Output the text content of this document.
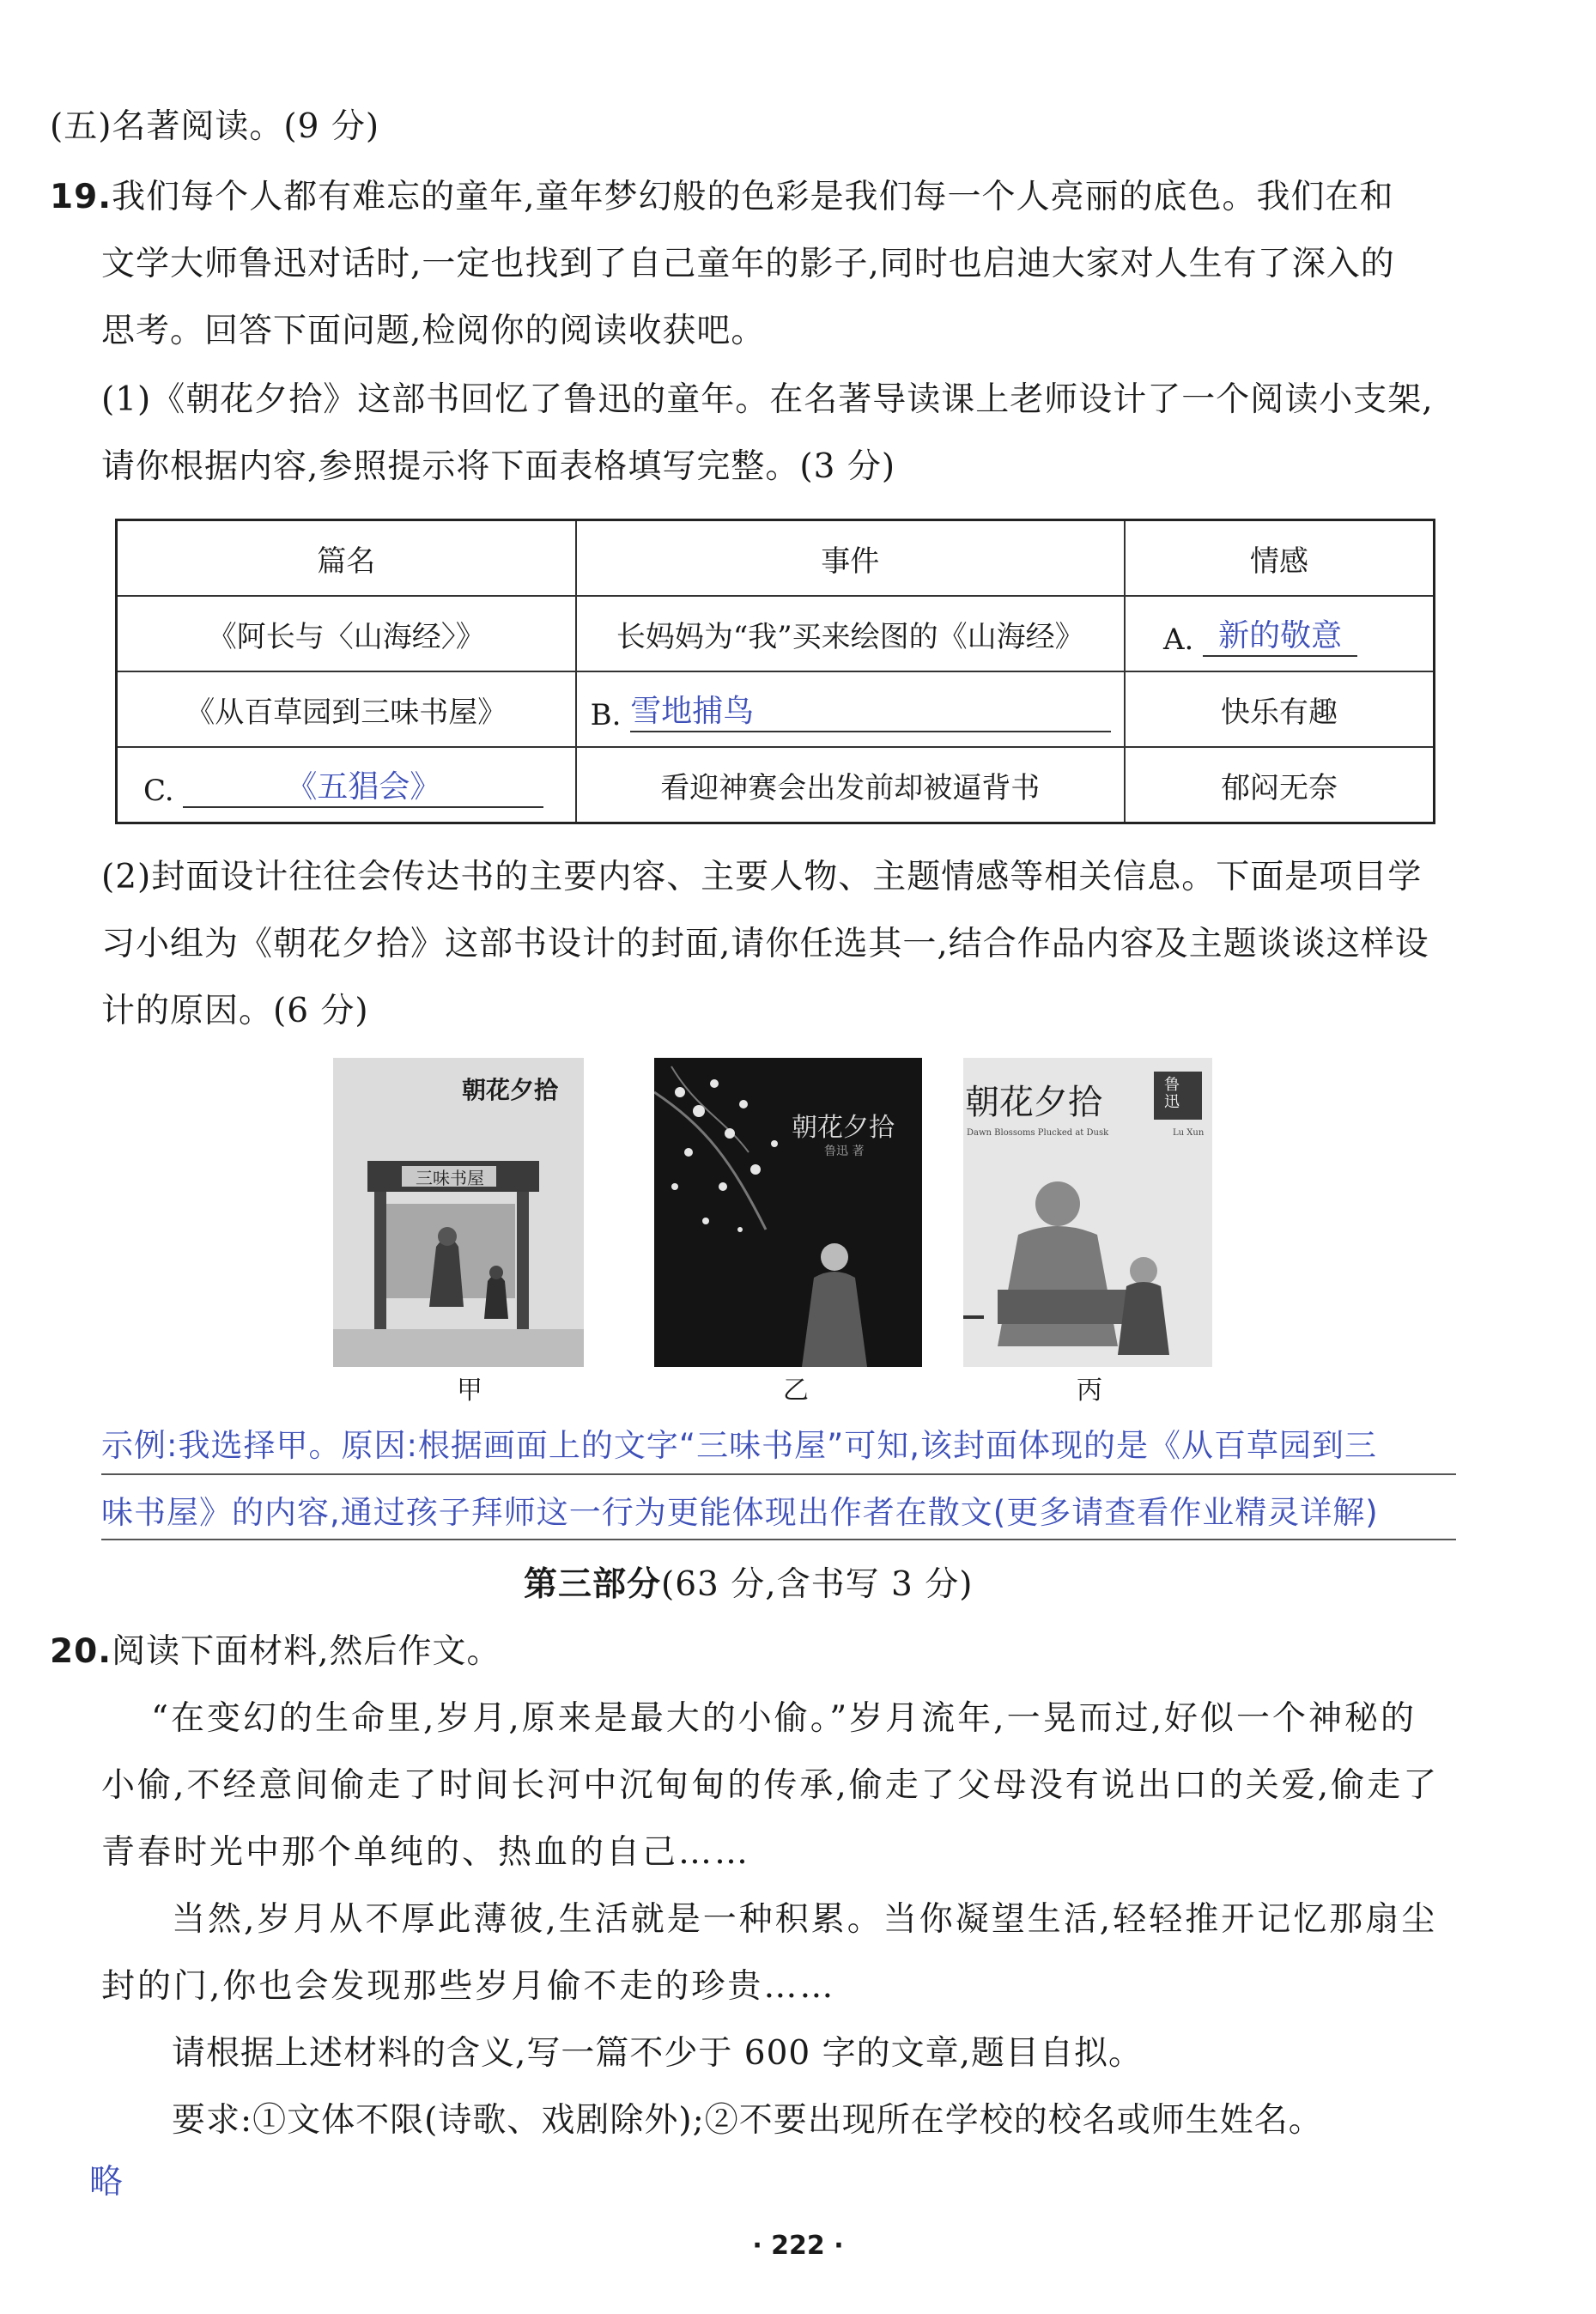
(五)名著阅读。(9 分)
19.我们每个人都有难忘的童年,童年梦幻般的色彩是我们每一个人亮丽的底色。我们在和
文学大师鲁迅对话时,一定也找到了自己童年的影子,同时也启迪大家对人生有了深入的
思考。回答下面问题,检阅你的阅读收获吧。
(1)《朝花夕拾》这部书回忆了鲁迅的童年。在名著导读课上老师设计了一个阅读小支架,
请你根据内容,参照提示将下面表格填写完整。(3 分)
篇名	事件	情感
《阿长与〈山海经〉》	长妈妈为“我”买来绘图的《山海经》	A. 新的敬意
《从百草园到三味书屋》	B. 雪地捕鸟	快乐有趣
C. 《五猖会》	看迎神赛会出发前却被逼背书	郁闷无奈
(2)封面设计往往会传达书的主要内容、主要人物、主题情感等相关信息。下面是项目学
习小组为《朝花夕拾》这部书设计的封面,请你任选其一,结合作品内容及主题谈谈这样设
计的原因。(6 分)
朝花夕拾
三味书屋
甲
朝花夕拾
鲁迅 著
乙
朝花夕拾	鲁迅
Dawn Blossoms Plucked at Dusk	Lu Xun
丙
示例:我选择甲。原因:根据画面上的文字“三味书屋”可知,该封面体现的是《从百草园到三
味书屋》的内容,通过孩子拜师这一行为更能体现出作者在散文(更多请查看作业精灵详解)
第三部分(63 分,含书写 3 分)
20.阅读下面材料,然后作文。
“在变幻的生命里,岁月,原来是最大的小偷。”岁月流年,一晃而过,好似一个神秘的
小偷,不经意间偷走了时间长河中沉甸甸的传承,偷走了父母没有说出口的关爱,偷走了
青春时光中那个单纯的、热血的自己……
当然,岁月从不厚此薄彼,生活就是一种积累。当你凝望生活,轻轻推开记忆那扇尘
封的门,你也会发现那些岁月偷不走的珍贵……
请根据上述材料的含义,写一篇不少于 600 字的文章,题目自拟。
要求:①文体不限(诗歌、戏剧除外);②不要出现所在学校的校名或师生姓名。
略
· 222 ·
